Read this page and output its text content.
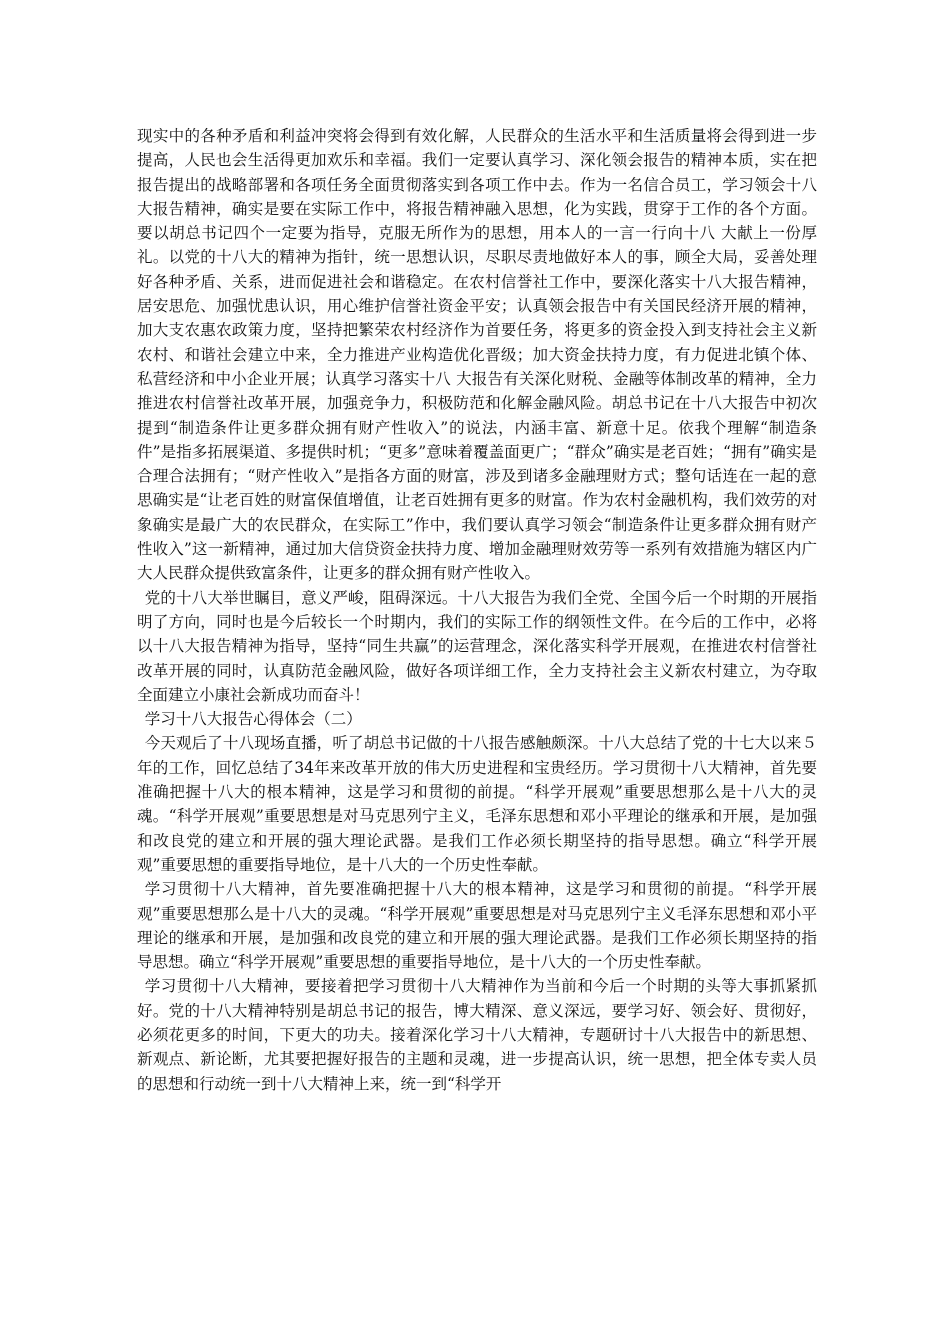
现实中的各种矛盾和利益冲突将会得到有效化解，人民群众的生活水平和生活质量将会得到进一步提高，人民也会生活得更加欢乐和幸福。我们一定要认真学习、深化领会报告的精神本质，实在把报告提出的战略部署和各项任务全面贯彻落实到各项工作中去。作为一名信合员工，学习领会十八大报告精神，确实是要在实际工作中，将报告精神融入思想，化为实践，贯穿于工作的各个方面。要以胡总书记四个一定要为指导，克服无所作为的思想，用本人的一言一行向十八 大献上一份厚礼。以党的十八大的精神为指针，统一思想认识，尽职尽责地做好本人的事，顾全大局，妥善处理好各种矛盾、关系，进而促进社会和谐稳定。在农村信誉社工作中，要深化落实十八大报告精神，居安思危、加强忧患认识，用心维护信誉社资金平安；认真领会报告中有关国民经济开展的精神，加大支农惠农政策力度，坚持把繁荣农村经济作为首要任务，将更多的资金投入到支持社会主义新农村、和谐社会建立中来，全力推进产业构造优化晋级；加大资金扶持力度，有力促进北镇个体、私营经济和中小企业开展；认真学习落实十八 大报告有关深化财税、金融等体制改革的精神，全力推进农村信誉社改革开展，加强竞争力，积极防范和化解金融风险。胡总书记在十八大报告中初次提到“制造条件让更多群众拥有财产性收入”的说法，内涵丰富、新意十足。依我个理解“制造条件”是指多拓展渠道、多提供时机；“更多”意味着覆盖面更广；“群众”确实是老百姓；“拥有”确实是合理合法拥有；“财产性收入”是指各方面的财富，涉及到诸多金融理财方式；整句话连在一起的意思确实是“让老百姓的财富保值增值，让老百姓拥有更多的财富。作为农村金融机构，我们效劳的对象确实是最广大的农民群众，在实际工”作中，我们要认真学习领会“制造条件让更多群众拥有财产性收入”这一新精神，通过加大信贷资金扶持力度、增加金融理财效劳等一系列有效措施为辖区内广大人民群众提供致富条件，让更多的群众拥有财产性收入。

党的十八大举世瞩目，意义严峻，阻碍深远。十八大报告为我们全党、全国今后一个时期的开展指明了方向，同时也是今后较长一个时期内，我们的实际工作的纲领性文件。在今后的工作中，必将以十八大报告精神为指导，坚持“同生共赢”的运营理念，深化落实科学开展观，在推进农村信誉社改革开展的同时，认真防范金融风险，做好各项详细工作，全力支持社会主义新农村建立，为夺取全面建立小康社会新成功而奋斗！

学习十八大报告心得体会（二）

今天观后了十八现场直播，听了胡总书记做的十八报告感触颇深。十八大总结了党的十七大以来５年的工作，回忆总结了34年来改革开放的伟大历史进程和宝贵经历。学习贯彻十八大精神，首先要准确把握十八大的根本精神，这是学习和贯彻的前提。“科学开展观”重要思想那么是十八大的灵魂。“科学开展观”重要思想是对马克思列宁主义，毛泽东思想和邓小平理论的继承和开展，是加强和改良党的建立和开展的强大理论武器。是我们工作必须长期坚持的指导思想。确立“科学开展观”重要思想的重要指导地位，是十八大的一个历史性奉献。

学习贯彻十八大精神，首先要准确把握十八大的根本精神，这是学习和贯彻的前提。“科学开展观”重要思想那么是十八大的灵魂。“科学开展观”重要思想是对马克思列宁主义毛泽东思想和邓小平理论的继承和开展，是加强和改良党的建立和开展的强大理论武器。是我们工作必须长期坚持的指导思想。确立“科学开展观”重要思想的重要指导地位，是十八大的一个历史性奉献。

学习贯彻十八大精神，要接着把学习贯彻十八大精神作为当前和今后一个时期的头等大事抓紧抓好。党的十八大精神特别是胡总书记的报告，博大精深、意义深远，要学习好、领会好、贯彻好，必须花更多的时间，下更大的功夫。接着深化学习十八大精神，专题研讨十八大报告中的新思想、新观点、新论断，尤其要把握好报告的主题和灵魂，进一步提高认识，统一思想，把全体专卖人员的思想和行动统一到十八大精神上来，统一到“科学开
